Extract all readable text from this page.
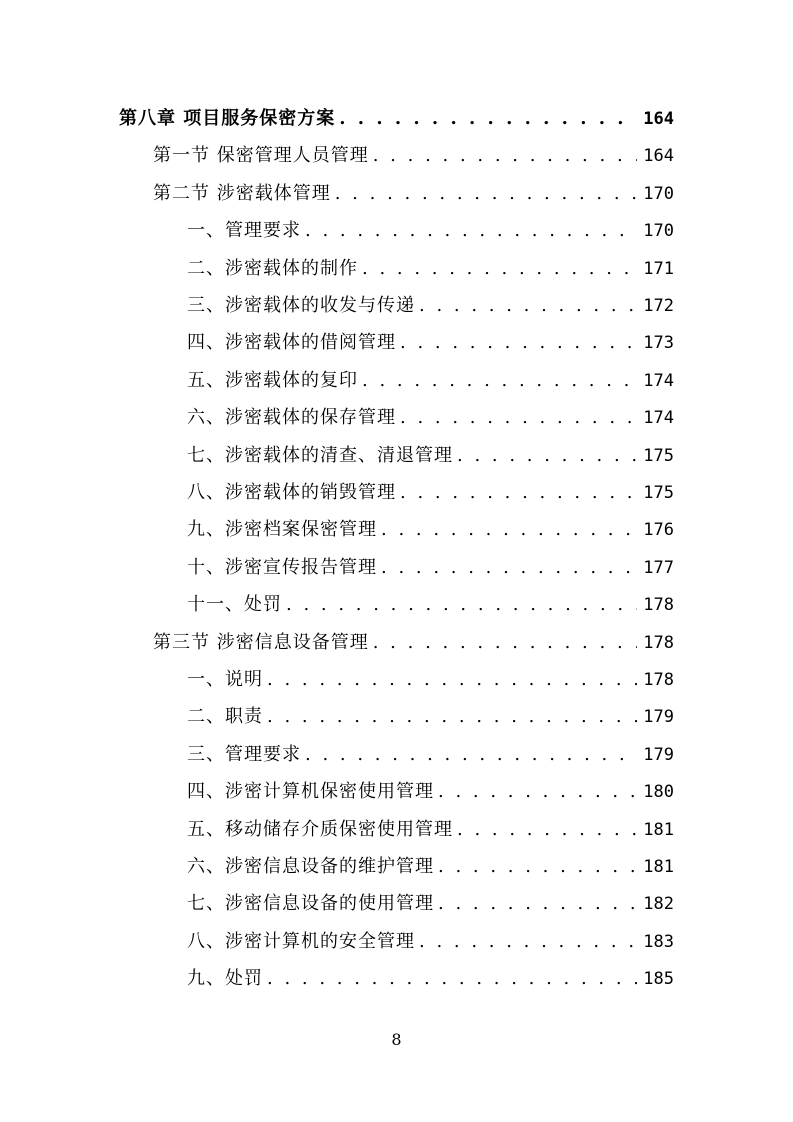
第八章 项目服务保密方案 . . .	164
第一节 保密管理人员管理 . . .	164
第二节 涉密载体管理 . . .	170
一、管理要求 . . .	170
二、涉密载体的制作 . . .	171
三、涉密载体的收发与传递 . . .	172
四、涉密载体的借阅管理 . . .	173
五、涉密载体的复印 . . .	174
六、涉密载体的保存管理 . . .	174
七、涉密载体的清查、清退管理 . . .	175
八、涉密载体的销毁管理 . . .	175
九、涉密档案保密管理 . . .	176
十、涉密宣传报告管理 . . .	177
十一、处罚 . . .	178
第三节 涉密信息设备管理 . . .	178
一、说明 . . .	178
二、职责 . . .	179
三、管理要求 . . .	179
四、涉密计算机保密使用管理 . . .	180
五、移动储存介质保密使用管理 . . .	181
六、涉密信息设备的维护管理 . . .	181
七、涉密信息设备的使用管理 . . .	182
八、涉密计算机的安全管理 . . .	183
九、处罚 . . .	185
8
